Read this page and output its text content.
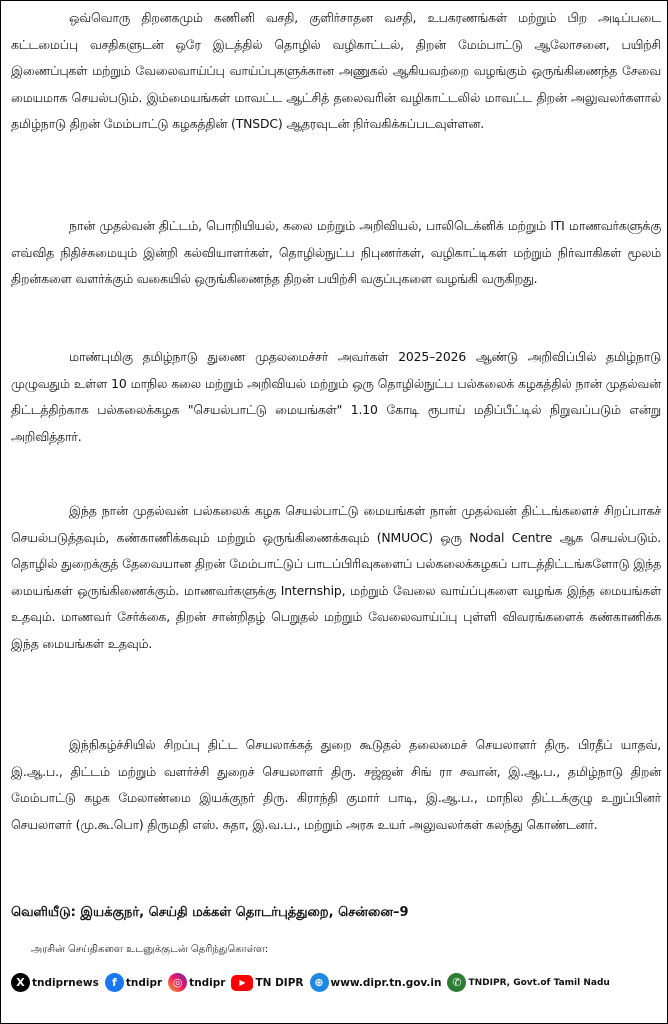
ஒவ்வொரு திறனகமும் கணினி வசதி, குளிர்சாதன வசதி, உபகரணங்கள் மற்றும் பிற அடிப்படை கட்டமைப்பு வசதிகளுடன் ஒரே இடத்தில் தொழில் வழிகாட்டல், திறன் மேம்பாட்டு ஆலோசனை, பயிற்சி இணைப்புகள் மற்றும் வேலைவாய்ப்பு வாய்ப்புகளுக்கான அணுகல் ஆகியவற்றை வழங்கும் ஒருங்கிணைந்த சேவை மையமாக செயல்படும். இம்மையங்கள் மாவட்ட ஆட்சித் தலைவரின் வழிகாட்டலில் மாவட்ட திறன் அலுவலர்களால் தமிழ்நாடு திறன் மேம்பாட்டு கழகத்தின் (TNSDC) ஆதரவுடன் நிர்வகிக்கப்படவுள்ளன.

நான் முதல்வன் திட்டம், பொறியியல், கலை மற்றும் அறிவியல், பாலிடெக்னிக் மற்றும் ITI மாணவர்களுக்கு எவ்வித நிதிச்சுமையும் இன்றி கல்வியாளர்கள், தொழில்நுட்ப நிபுணர்கள், வழிகாட்டிகள் மற்றும் நிர்வாகிகள் மூலம் திறன்களை வளர்க்கும் வகையில் ஒருங்கிணைந்த திறன் பயிற்சி வகுப்புகளை வழங்கி வருகிறது.

மாண்புமிகு தமிழ்நாடு துணை முதலமைச்சர் அவர்கள் 2025–2026 ஆண்டு அறிவிப்பில் தமிழ்நாடு முழுவதும் உள்ள 10 மாநில கலை மற்றும் அறிவியல் மற்றும் ஒரு தொழில்நுட்ப பல்கலைக் கழகத்தில் நான் முதல்வன் திட்டத்திற்காக பல்கலைக்கழக "செயல்பாட்டு மையங்கள்" 1.10 கோடி ரூபாய் மதிப்பீட்டில் நிறுவப்படும் என்று அறிவித்தார்.

இந்த நான் முதல்வன் பல்கலைக் கழக செயல்பாட்டு மையங்கள் நான் முதல்வன் திட்டங்களைச் சிறப்பாகச் செயல்படுத்தவும், கண்காணிக்கவும் மற்றும் ஒருங்கிணைக்கவும் (NMUOC) ஒரு Nodal Centre ஆக செயல்படும். தொழில் துறைக்குத் தேவையான திறன் மேம்பாட்டுப் பாடப்பிரிவுகளைப் பல்கலைக்கழகப் பாடத்திட்டங்களோடு இந்த மையங்கள் ஒருங்கிணைக்கும். மாணவர்களுக்கு Internship, மற்றும் வேலை வாய்ப்புகளை வழங்க இந்த மையங்கள் உதவும். மாணவர் சேர்க்கை, திறன் சான்றிதழ் பெறுதல் மற்றும் வேலைவாய்ப்பு புள்ளி விவரங்களைக் கண்காணிக்க இந்த மையங்கள் உதவும்.

இந்நிகழ்ச்சியில் சிறப்பு திட்ட செயலாக்கத் துறை கூடுதல் தலைமைச் செயலாளர் திரு. பிரதீப் யாதவ், இ.ஆ.ப., திட்டம் மற்றும் வளர்ச்சி துறைச் செயலாளர் திரு. சஜ்ஜன் சிங் ரா சவான், இ.ஆ.ப., தமிழ்நாடு திறன் மேம்பாட்டு கழக மேலாண்மை இயக்குநர் திரு. கிராந்தி குமார் பாடி, இ.ஆ.ப., மாநில திட்டக்குழு உறுப்பினர் செயலாளர் (மு.கூ.பொ) திருமதி எஸ். சுதா, இ.வ.ப., மற்றும் அரசு உயர் அலுவலர்கள் கலந்து கொண்டனர்.

வெளியீடு: இயக்குநர், செய்தி மக்கள் தொடர்புத்துறை, சென்னை–9

அரசின் செய்திகளை உடனுக்குடன் தெரிந்துகொள்ள:

X tndiprnews	f tndipr ◎ tndipr	▶ TN DIPR ⊕ www.dipr.tn.gov.in ✆ TNDIPR, Govt.of Tamil Nadu
